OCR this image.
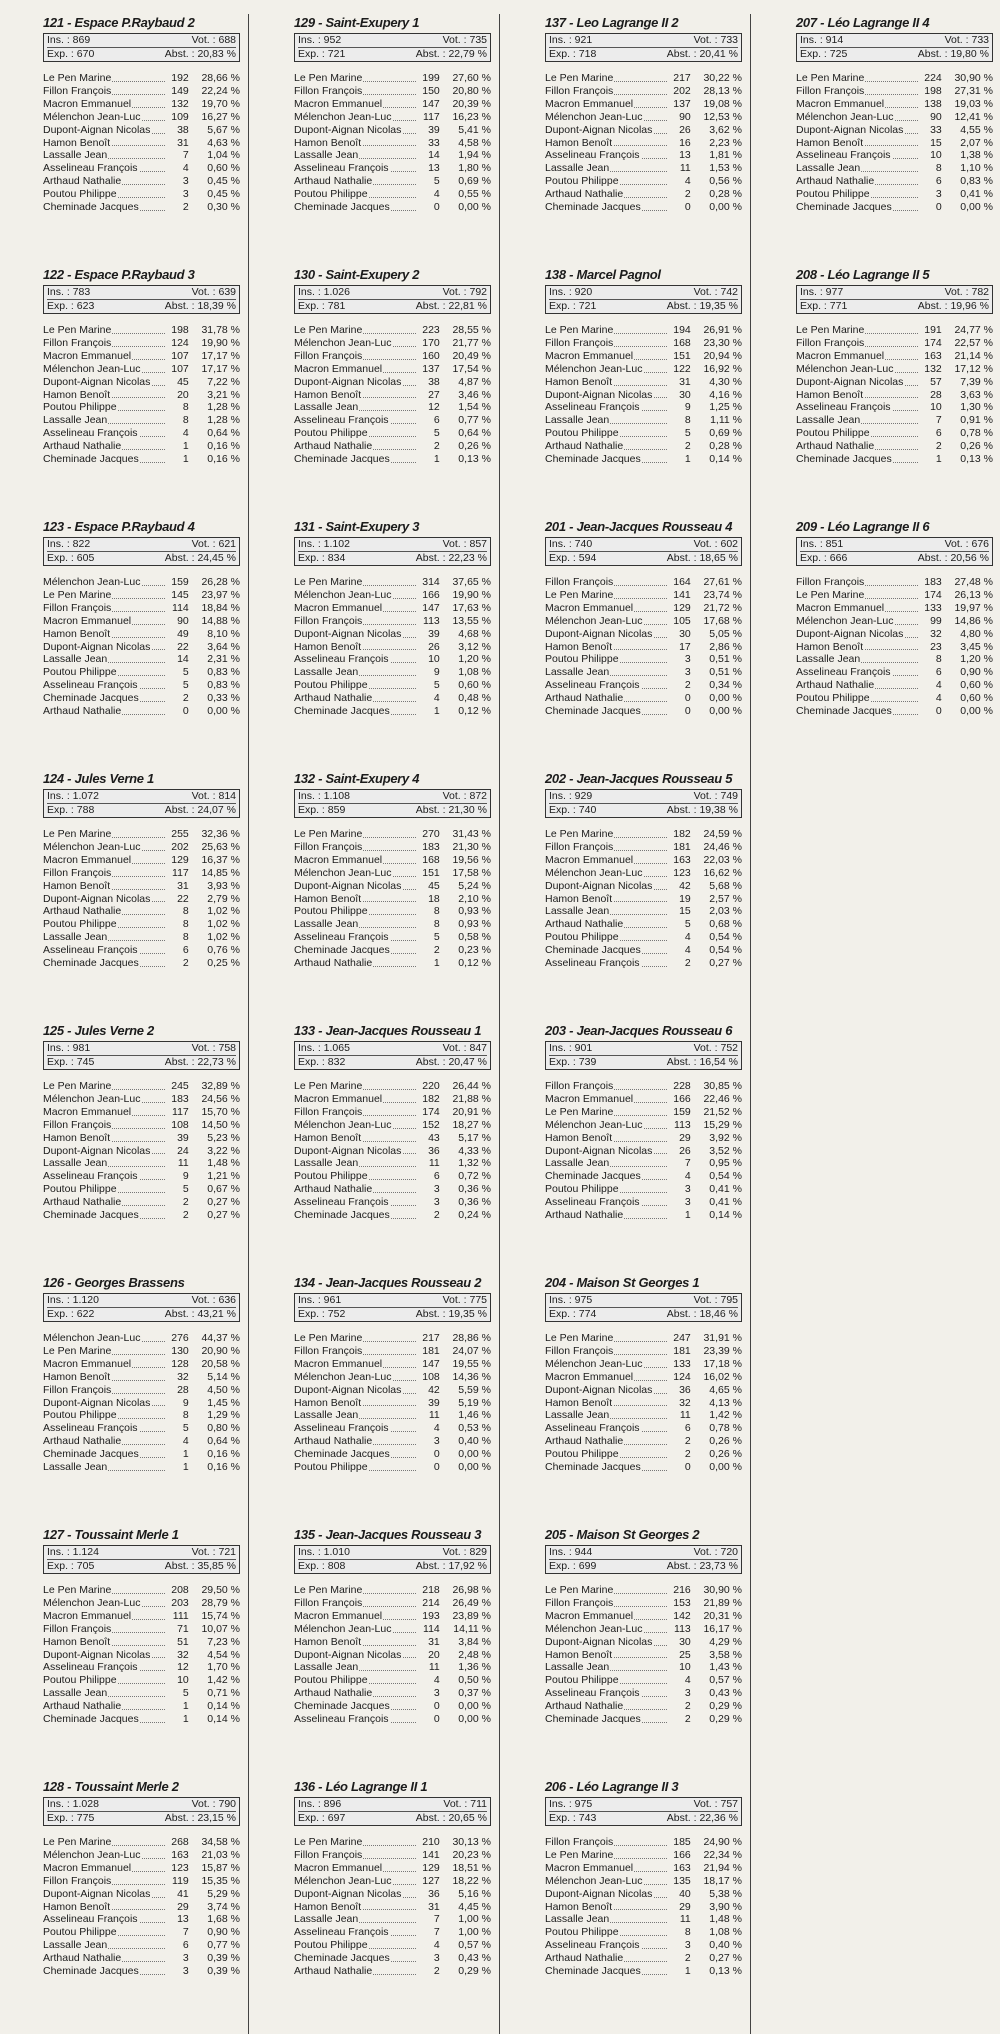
121 - Espace P.Raybaud 2
Ins. : 869	Vot. : 688
Exp. : 670	Abst. : 20,83 %
Le Pen Marine	192	28,66 %
Fillon François	149	22,24 %
Macron Emmanuel	132	19,70 %
Mélenchon Jean-Luc	109	16,27 %
Dupont-Aignan Nicolas	38	5,67 %
Hamon Benoît	31	4,63 %
Lassalle Jean	7	1,04 %
Asselineau François	4	0,60 %
Arthaud Nathalie	3	0,45 %
Poutou Philippe	3	0,45 %
Cheminade Jacques	2	0,30 %
122 - Espace P.Raybaud 3
Ins. : 783	Vot. : 639
Exp. : 623	Abst. : 18,39 %
Le Pen Marine	198	31,78 %
Fillon François	124	19,90 %
Macron Emmanuel	107	17,17 %
Mélenchon Jean-Luc	107	17,17 %
Dupont-Aignan Nicolas	45	7,22 %
Hamon Benoît	20	3,21 %
Poutou Philippe	8	1,28 %
Lassalle Jean	8	1,28 %
Asselineau François	4	0,64 %
Arthaud Nathalie	1	0,16 %
Cheminade Jacques	1	0,16 %
123 - Espace P.Raybaud 4
Ins. : 822	Vot. : 621
Exp. : 605	Abst. : 24,45 %
Mélenchon Jean-Luc	159	26,28 %
Le Pen Marine	145	23,97 %
Fillon François	114	18,84 %
Macron Emmanuel	90	14,88 %
Hamon Benoît	49	8,10 %
Dupont-Aignan Nicolas	22	3,64 %
Lassalle Jean	14	2,31 %
Poutou Philippe	5	0,83 %
Asselineau François	5	0,83 %
Cheminade Jacques	2	0,33 %
Arthaud Nathalie	0	0,00 %
124 - Jules Verne 1
Ins. : 1.072	Vot. : 814
Exp. : 788	Abst. : 24,07 %
Le Pen Marine	255	32,36 %
Mélenchon Jean-Luc	202	25,63 %
Macron Emmanuel	129	16,37 %
Fillon François	117	14,85 %
Hamon Benoît	31	3,93 %
Dupont-Aignan Nicolas	22	2,79 %
Arthaud Nathalie	8	1,02 %
Poutou Philippe	8	1,02 %
Lassalle Jean	8	1,02 %
Asselineau François	6	0,76 %
Cheminade Jacques	2	0,25 %
125 - Jules Verne 2
Ins. : 981	Vot. : 758
Exp. : 745	Abst. : 22,73 %
Le Pen Marine	245	32,89 %
Mélenchon Jean-Luc	183	24,56 %
Macron Emmanuel	117	15,70 %
Fillon François	108	14,50 %
Hamon Benoît	39	5,23 %
Dupont-Aignan Nicolas	24	3,22 %
Lassalle Jean	11	1,48 %
Asselineau François	9	1,21 %
Poutou Philippe	5	0,67 %
Arthaud Nathalie	2	0,27 %
Cheminade Jacques	2	0,27 %
126 - Georges Brassens
Ins. : 1.120	Vot. : 636
Exp. : 622	Abst. : 43,21 %
Mélenchon Jean-Luc	276	44,37 %
Le Pen Marine	130	20,90 %
Macron Emmanuel	128	20,58 %
Hamon Benoît	32	5,14 %
Fillon François	28	4,50 %
Dupont-Aignan Nicolas	9	1,45 %
Poutou Philippe	8	1,29 %
Asselineau François	5	0,80 %
Arthaud Nathalie	4	0,64 %
Cheminade Jacques	1	0,16 %
Lassalle Jean	1	0,16 %
127 - Toussaint Merle 1
Ins. : 1.124	Vot. : 721
Exp. : 705	Abst. : 35,85 %
Le Pen Marine	208	29,50 %
Mélenchon Jean-Luc	203	28,79 %
Macron Emmanuel	111	15,74 %
Fillon François	71	10,07 %
Hamon Benoît	51	7,23 %
Dupont-Aignan Nicolas	32	4,54 %
Asselineau François	12	1,70 %
Poutou Philippe	10	1,42 %
Lassalle Jean	5	0,71 %
Arthaud Nathalie	1	0,14 %
Cheminade Jacques	1	0,14 %
128 - Toussaint Merle 2
Ins. : 1.028	Vot. : 790
Exp. : 775	Abst. : 23,15 %
Le Pen Marine	268	34,58 %
Mélenchon Jean-Luc	163	21,03 %
Macron Emmanuel	123	15,87 %
Fillon François	119	15,35 %
Dupont-Aignan Nicolas	41	5,29 %
Hamon Benoît	29	3,74 %
Asselineau François	13	1,68 %
Poutou Philippe	7	0,90 %
Lassalle Jean	6	0,77 %
Arthaud Nathalie	3	0,39 %
Cheminade Jacques	3	0,39 %
129 - Saint-Exupery 1
Ins. : 952	Vot. : 735
Exp. : 721	Abst. : 22,79 %
Le Pen Marine	199	27,60 %
Fillon François	150	20,80 %
Macron Emmanuel	147	20,39 %
Mélenchon Jean-Luc	117	16,23 %
Dupont-Aignan Nicolas	39	5,41 %
Hamon Benoît	33	4,58 %
Lassalle Jean	14	1,94 %
Asselineau François	13	1,80 %
Arthaud Nathalie	5	0,69 %
Poutou Philippe	4	0,55 %
Cheminade Jacques	0	0,00 %
130 - Saint-Exupery 2
Ins. : 1.026	Vot. : 792
Exp. : 781	Abst. : 22,81 %
Le Pen Marine	223	28,55 %
Mélenchon Jean-Luc	170	21,77 %
Fillon François	160	20,49 %
Macron Emmanuel	137	17,54 %
Dupont-Aignan Nicolas	38	4,87 %
Hamon Benoît	27	3,46 %
Lassalle Jean	12	1,54 %
Asselineau François	6	0,77 %
Poutou Philippe	5	0,64 %
Arthaud Nathalie	2	0,26 %
Cheminade Jacques	1	0,13 %
131 - Saint-Exupery 3
Ins. : 1.102	Vot. : 857
Exp. : 834	Abst. : 22,23 %
Le Pen Marine	314	37,65 %
Mélenchon Jean-Luc	166	19,90 %
Macron Emmanuel	147	17,63 %
Fillon François	113	13,55 %
Dupont-Aignan Nicolas	39	4,68 %
Hamon Benoît	26	3,12 %
Asselineau François	10	1,20 %
Lassalle Jean	9	1,08 %
Poutou Philippe	5	0,60 %
Arthaud Nathalie	4	0,48 %
Cheminade Jacques	1	0,12 %
132 - Saint-Exupery 4
Ins. : 1.108	Vot. : 872
Exp. : 859	Abst. : 21,30 %
Le Pen Marine	270	31,43 %
Fillon François	183	21,30 %
Macron Emmanuel	168	19,56 %
Mélenchon Jean-Luc	151	17,58 %
Dupont-Aignan Nicolas	45	5,24 %
Hamon Benoît	18	2,10 %
Poutou Philippe	8	0,93 %
Lassalle Jean	8	0,93 %
Asselineau François	5	0,58 %
Cheminade Jacques	2	0,23 %
Arthaud Nathalie	1	0,12 %
133 - Jean-Jacques Rousseau 1
Ins. : 1.065	Vot. : 847
Exp. : 832	Abst. : 20,47 %
Le Pen Marine	220	26,44 %
Macron Emmanuel	182	21,88 %
Fillon François	174	20,91 %
Mélenchon Jean-Luc	152	18,27 %
Hamon Benoît	43	5,17 %
Dupont-Aignan Nicolas	36	4,33 %
Lassalle Jean	11	1,32 %
Poutou Philippe	6	0,72 %
Arthaud Nathalie	3	0,36 %
Asselineau François	3	0,36 %
Cheminade Jacques	2	0,24 %
134 - Jean-Jacques Rousseau 2
Ins. : 961	Vot. : 775
Exp. : 752	Abst. : 19,35 %
Le Pen Marine	217	28,86 %
Fillon François	181	24,07 %
Macron Emmanuel	147	19,55 %
Mélenchon Jean-Luc	108	14,36 %
Dupont-Aignan Nicolas	42	5,59 %
Hamon Benoît	39	5,19 %
Lassalle Jean	11	1,46 %
Asselineau François	4	0,53 %
Arthaud Nathalie	3	0,40 %
Cheminade Jacques	0	0,00 %
Poutou Philippe	0	0,00 %
135 - Jean-Jacques Rousseau 3
Ins. : 1.010	Vot. : 829
Exp. : 808	Abst. : 17,92 %
Le Pen Marine	218	26,98 %
Fillon François	214	26,49 %
Macron Emmanuel	193	23,89 %
Mélenchon Jean-Luc	114	14,11 %
Hamon Benoît	31	3,84 %
Dupont-Aignan Nicolas	20	2,48 %
Lassalle Jean	11	1,36 %
Poutou Philippe	4	0,50 %
Arthaud Nathalie	3	0,37 %
Cheminade Jacques	0	0,00 %
Asselineau François	0	0,00 %
136 - Léo Lagrange II 1
Ins. : 896	Vot. : 711
Exp. : 697	Abst. : 20,65 %
Le Pen Marine	210	30,13 %
Fillon François	141	20,23 %
Macron Emmanuel	129	18,51 %
Mélenchon Jean-Luc	127	18,22 %
Dupont-Aignan Nicolas	36	5,16 %
Hamon Benoît	31	4,45 %
Lassalle Jean	7	1,00 %
Asselineau François	7	1,00 %
Poutou Philippe	4	0,57 %
Cheminade Jacques	3	0,43 %
Arthaud Nathalie	2	0,29 %
137 - Leo Lagrange II 2
Ins. : 921	Vot. : 733
Exp. : 718	Abst. : 20,41 %
Le Pen Marine	217	30,22 %
Fillon François	202	28,13 %
Macron Emmanuel	137	19,08 %
Mélenchon Jean-Luc	90	12,53 %
Dupont-Aignan Nicolas	26	3,62 %
Hamon Benoît	16	2,23 %
Asselineau François	13	1,81 %
Lassalle Jean	11	1,53 %
Poutou Philippe	4	0,56 %
Arthaud Nathalie	2	0,28 %
Cheminade Jacques	0	0,00 %
138 - Marcel Pagnol
Ins. : 920	Vot. : 742
Exp. : 721	Abst. : 19,35 %
Le Pen Marine	194	26,91 %
Fillon François	168	23,30 %
Macron Emmanuel	151	20,94 %
Mélenchon Jean-Luc	122	16,92 %
Hamon Benoît	31	4,30 %
Dupont-Aignan Nicolas	30	4,16 %
Asselineau François	9	1,25 %
Lassalle Jean	8	1,11 %
Poutou Philippe	5	0,69 %
Arthaud Nathalie	2	0,28 %
Cheminade Jacques	1	0,14 %
201 - Jean-Jacques Rousseau 4
Ins. : 740	Vot. : 602
Exp. : 594	Abst. : 18,65 %
Fillon François	164	27,61 %
Le Pen Marine	141	23,74 %
Macron Emmanuel	129	21,72 %
Mélenchon Jean-Luc	105	17,68 %
Dupont-Aignan Nicolas	30	5,05 %
Hamon Benoît	17	2,86 %
Poutou Philippe	3	0,51 %
Lassalle Jean	3	0,51 %
Asselineau François	2	0,34 %
Arthaud Nathalie	0	0,00 %
Cheminade Jacques	0	0,00 %
202 - Jean-Jacques Rousseau 5
Ins. : 929	Vot. : 749
Exp. : 740	Abst. : 19,38 %
Le Pen Marine	182	24,59 %
Fillon François	181	24,46 %
Macron Emmanuel	163	22,03 %
Mélenchon Jean-Luc	123	16,62 %
Dupont-Aignan Nicolas	42	5,68 %
Hamon Benoît	19	2,57 %
Lassalle Jean	15	2,03 %
Arthaud Nathalie	5	0,68 %
Poutou Philippe	4	0,54 %
Cheminade Jacques	4	0,54 %
Asselineau François	2	0,27 %
203 - Jean-Jacques Rousseau 6
Ins. : 901	Vot. : 752
Exp. : 739	Abst. : 16,54 %
Fillon François	228	30,85 %
Macron Emmanuel	166	22,46 %
Le Pen Marine	159	21,52 %
Mélenchon Jean-Luc	113	15,29 %
Hamon Benoît	29	3,92 %
Dupont-Aignan Nicolas	26	3,52 %
Lassalle Jean	7	0,95 %
Cheminade Jacques	4	0,54 %
Poutou Philippe	3	0,41 %
Asselineau François	3	0,41 %
Arthaud Nathalie	1	0,14 %
204 - Maison St Georges 1
Ins. : 975	Vot. : 795
Exp. : 774	Abst. : 18,46 %
Le Pen Marine	247	31,91 %
Fillon François	181	23,39 %
Mélenchon Jean-Luc	133	17,18 %
Macron Emmanuel	124	16,02 %
Dupont-Aignan Nicolas	36	4,65 %
Hamon Benoît	32	4,13 %
Lassalle Jean	11	1,42 %
Asselineau François	6	0,78 %
Arthaud Nathalie	2	0,26 %
Poutou Philippe	2	0,26 %
Cheminade Jacques	0	0,00 %
205 - Maison St Georges 2
Ins. : 944	Vot. : 720
Exp. : 699	Abst. : 23,73 %
Le Pen Marine	216	30,90 %
Fillon François	153	21,89 %
Macron Emmanuel	142	20,31 %
Mélenchon Jean-Luc	113	16,17 %
Dupont-Aignan Nicolas	30	4,29 %
Hamon Benoît	25	3,58 %
Lassalle Jean	10	1,43 %
Poutou Philippe	4	0,57 %
Asselineau François	3	0,43 %
Arthaud Nathalie	2	0,29 %
Cheminade Jacques	2	0,29 %
206 - Léo Lagrange II 3
Ins. : 975	Vot. : 757
Exp. : 743	Abst. : 22,36 %
Fillon François	185	24,90 %
Le Pen Marine	166	22,34 %
Macron Emmanuel	163	21,94 %
Mélenchon Jean-Luc	135	18,17 %
Dupont-Aignan Nicolas	40	5,38 %
Hamon Benoît	29	3,90 %
Lassalle Jean	11	1,48 %
Poutou Philippe	8	1,08 %
Asselineau François	3	0,40 %
Arthaud Nathalie	2	0,27 %
Cheminade Jacques	1	0,13 %
207 - Léo Lagrange II 4
Ins. : 914	Vot. : 733
Exp. : 725	Abst. : 19,80 %
Le Pen Marine	224	30,90 %
Fillon François	198	27,31 %
Macron Emmanuel	138	19,03 %
Mélenchon Jean-Luc	90	12,41 %
Dupont-Aignan Nicolas	33	4,55 %
Hamon Benoît	15	2,07 %
Asselineau François	10	1,38 %
Lassalle Jean	8	1,10 %
Arthaud Nathalie	6	0,83 %
Poutou Philippe	3	0,41 %
Cheminade Jacques	0	0,00 %
208 - Léo Lagrange II 5
Ins. : 977	Vot. : 782
Exp. : 771	Abst. : 19,96 %
Le Pen Marine	191	24,77 %
Fillon François	174	22,57 %
Macron Emmanuel	163	21,14 %
Mélenchon Jean-Luc	132	17,12 %
Dupont-Aignan Nicolas	57	7,39 %
Hamon Benoît	28	3,63 %
Asselineau François	10	1,30 %
Lassalle Jean	7	0,91 %
Poutou Philippe	6	0,78 %
Arthaud Nathalie	2	0,26 %
Cheminade Jacques	1	0,13 %
209 - Léo Lagrange II 6
Ins. : 851	Vot. : 676
Exp. : 666	Abst. : 20,56 %
Fillon François	183	27,48 %
Le Pen Marine	174	26,13 %
Macron Emmanuel	133	19,97 %
Mélenchon Jean-Luc	99	14,86 %
Dupont-Aignan Nicolas	32	4,80 %
Hamon Benoît	23	3,45 %
Lassalle Jean	8	1,20 %
Asselineau François	6	0,90 %
Arthaud Nathalie	4	0,60 %
Poutou Philippe	4	0,60 %
Cheminade Jacques	0	0,00 %
